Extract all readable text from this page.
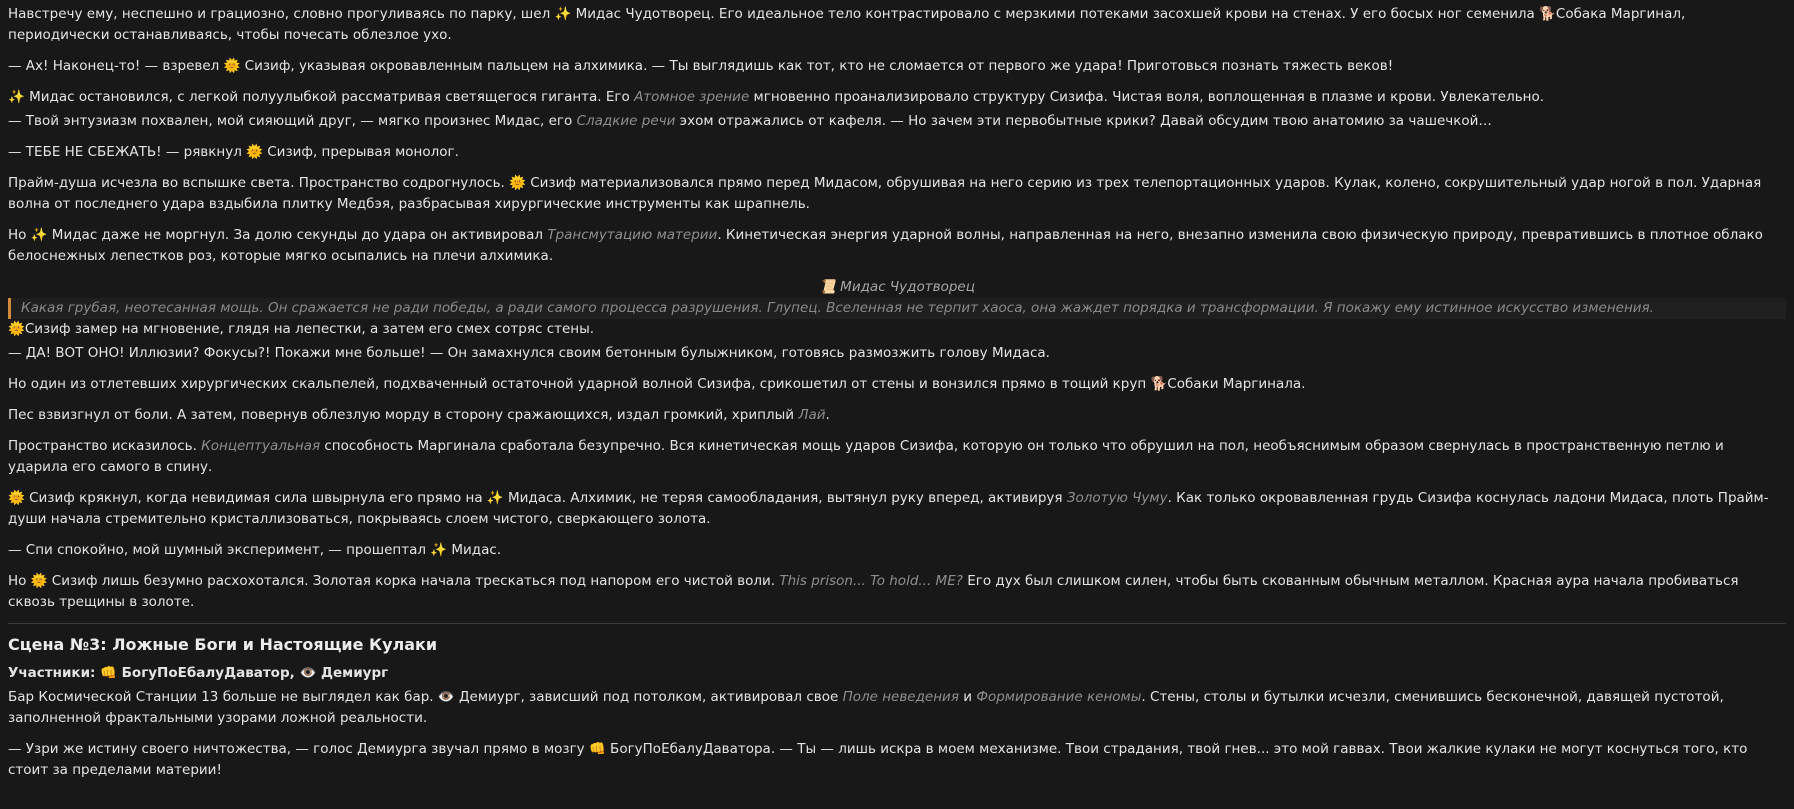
Навстречу ему, неспешно и грациозно, словно прогуливаясь по парку, шел ✨ Мидас Чудотворец. Его идеальное тело контрастировало с мерзкими потеками засохшей крови на стенах. У его босых ног семенила 🐕Собака Маргинал, периодически останавливаясь, чтобы почесать облезлое ухо.

— Ах! Наконец-то! — взревел 🌞 Сизиф, указывая окровавленным пальцем на алхимика. — Ты выглядишь как тот, кто не сломается от первого же удара! Приготовься познать тяжесть веков!

✨ Мидас остановился, с легкой полуулыбкой рассматривая светящегося гиганта. Его Атомное зрение мгновенно проанализировало структуру Сизифа. Чистая воля, воплощенная в плазме и крови. Увлекательно.

— Твой энтузиазм похвален, мой сияющий друг, — мягко произнес Мидас, его Сладкие речи эхом отражались от кафеля. — Но зачем эти первобытные крики? Давай обсудим твою анатомию за чашечкой…

— ТЕБЕ НЕ СБЕЖАТЬ! — рявкнул 🌞 Сизиф, прерывая монолог.

Прайм-душа исчезла во вспышке света. Пространство содрогнулось. 🌞 Сизиф материализовался прямо перед Мидасом, обрушивая на него серию из трех телепортационных ударов. Кулак, колено, сокрушительный удар ногой в пол. Ударная волна от последнего удара вздыбила плитку Медбэя, разбрасывая хирургические инструменты как шрапнель.

Но ✨ Мидас даже не моргнул. За долю секунды до удара он активировал Трансмутацию материи. Кинетическая энергия ударной волны, направленная на него, внезапно изменила свою физическую природу, превратившись в плотное облако белоснежных лепестков роз, которые мягко осыпались на плечи алхимика.

📜 Мидас Чудотворец
Какая грубая, неотесанная мощь. Он сражается не ради победы, а ради самого процесса разрушения. Глупец. Вселенная не терпит хаоса, она жаждет порядка и трансформации. Я покажу ему истинное искусство изменения.

🌞Сизиф замер на мгновение, глядя на лепестки, а затем его смех сотряс стены.

— ДА! ВОТ ОНО! Иллюзии? Фокусы?! Покажи мне больше! — Он замахнулся своим бетонным булыжником, готовясь размозжить голову Мидаса.

Но один из отлетевших хирургических скальпелей, подхваченный остаточной ударной волной Сизифа, срикошетил от стены и вонзился прямо в тощий круп 🐕Собаки Маргинала.

Пес взвизгнул от боли. А затем, повернув облезлую морду в сторону сражающихся, издал громкий, хриплый Лай.

Пространство исказилось. Концептуальная способность Маргинала сработала безупречно. Вся кинетическая мощь ударов Сизифа, которую он только что обрушил на пол, необъяснимым образом свернулась в пространственную петлю и ударила его самого в спину.

🌞 Сизиф крякнул, когда невидимая сила швырнула его прямо на ✨ Мидаса. Алхимик, не теряя самообладания, вытянул руку вперед, активируя Золотую Чуму. Как только окровавленная грудь Сизифа коснулась ладони Мидаса, плоть Прайм-души начала стремительно кристаллизоваться, покрываясь слоем чистого, сверкающего золота.

— Спи спокойно, мой шумный эксперимент, — прошептал ✨ Мидас.

Но 🌞 Сизиф лишь безумно расхохотался. Золотая корка начала трескаться под напором его чистой воли. This prison... To hold... ME? Его дух был слишком силен, чтобы быть скованным обычным металлом. Красная аура начала пробиваться сквозь трещины в золоте.

Сцена №3: Ложные Боги и Настоящие Кулаки

Участники: 👊 БогуПоЕбалуДаватор, 👁️ Демиург

Бар Космической Станции 13 больше не выглядел как бар. 👁️ Демиург, зависший под потолком, активировал свое Поле неведения и Формирование кеномы. Стены, столы и бутылки исчезли, сменившись бесконечной, давящей пустотой, заполненной фрактальными узорами ложной реальности.

— Узри же истину своего ничтожества, — голос Демиурга звучал прямо в мозгу 👊 БогуПоЕбалуДаватора. — Ты — лишь искра в моем механизме. Твои страдания, твой гнев... это мой гаввах. Твои жалкие кулаки не могут коснуться того, кто стоит за пределами материи!
